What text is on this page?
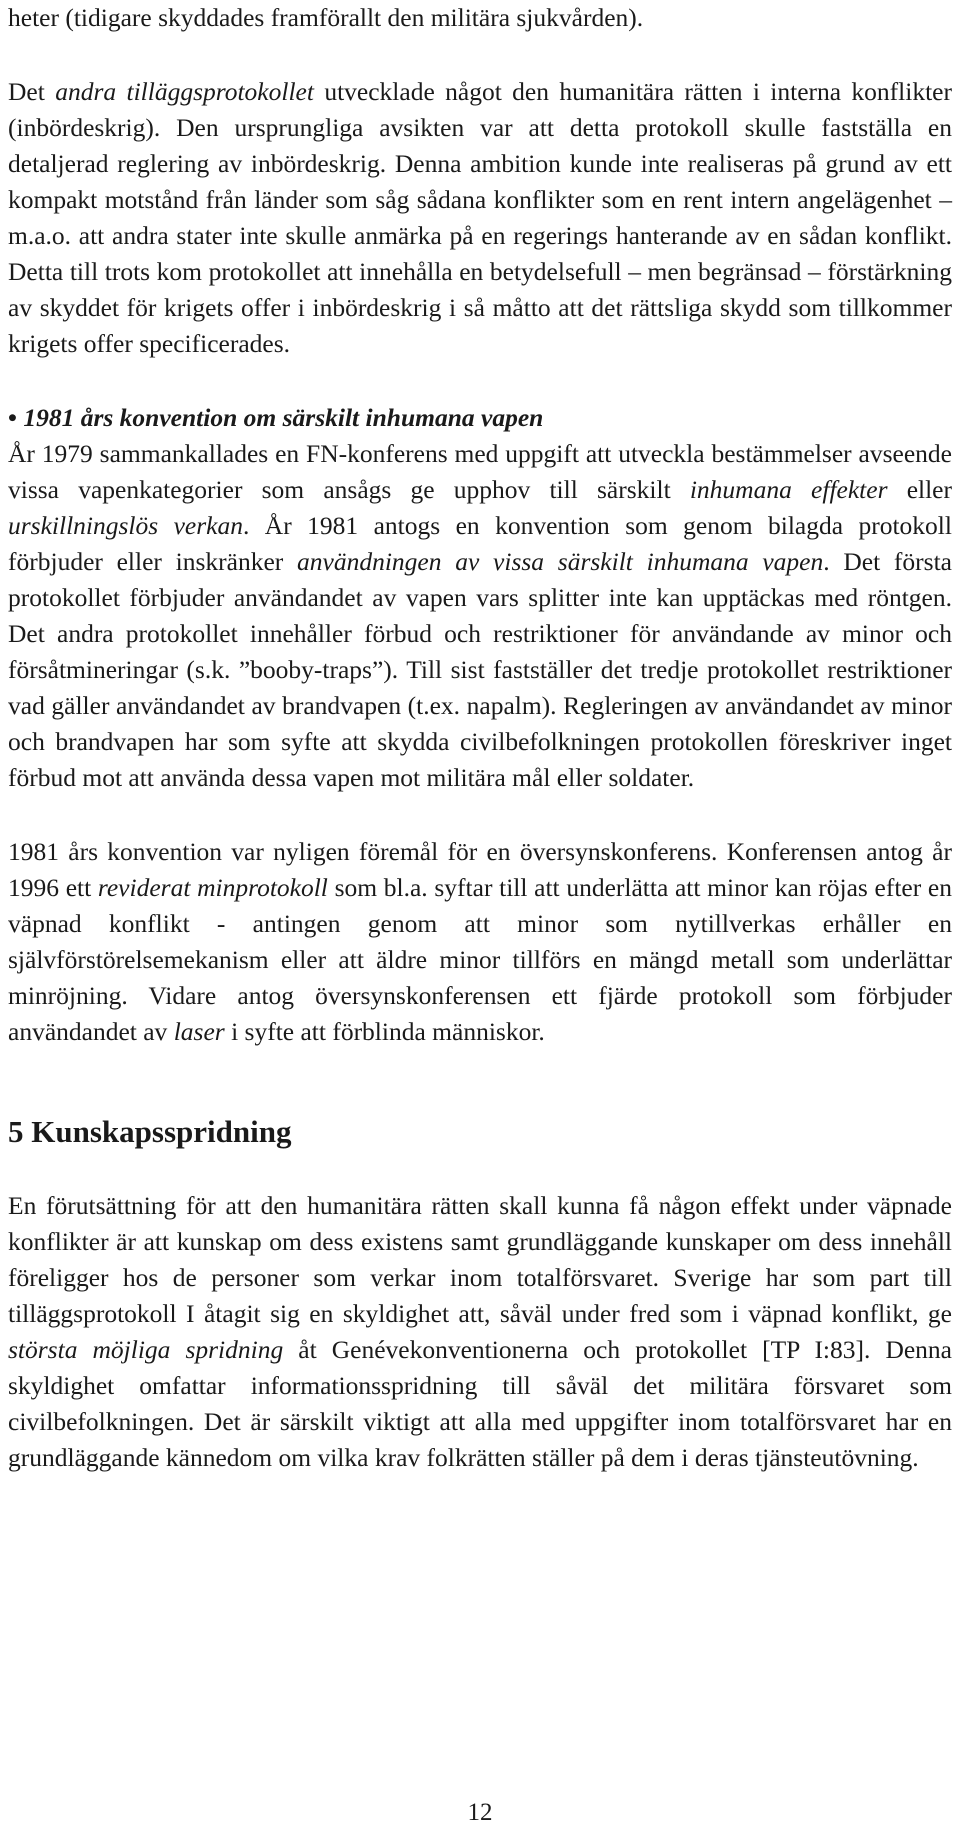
heter (tidigare skyddades framförallt den militära sjukvården).

Det andra tilläggsprotokollet utvecklade något den humanitära rätten i interna konflikter (inbördeskrig). Den ursprungliga avsikten var att detta protokoll skulle fastställa en detaljerad reglering av inbördeskrig. Denna ambition kunde inte realiseras på grund av ett kompakt motstånd från länder som såg sådana konflikter som en rent intern angelägenhet – m.a.o. att andra stater inte skulle anmärka på en regerings hanterande av en sådan konflikt. Detta till trots kom protokollet att innehålla en betydelsefull – men begränsad – förstärkning av skyddet för krigets offer i inbördeskrig i så måtto att det rättsliga skydd som tillkommer krigets offer specificerades.

• 1981 års konvention om särskilt inhumana vapen

År 1979 sammankallades en FN-konferens med uppgift att utveckla bestämmelser avseende vissa vapenkategorier som ansågs ge upphov till särskilt inhumana effekter eller urskillningslös verkan. År 1981 antogs en konvention som genom bilagda protokoll förbjuder eller inskränker användningen av vissa särskilt inhumana vapen. Det första protokollet förbjuder användandet av vapen vars splitter inte kan upptäckas med röntgen. Det andra protokollet innehåller förbud och restriktioner för användande av minor och försåtmineringar (s.k. ”booby-traps”). Till sist fastställer det tredje protokollet restriktioner vad gäller användandet av brandvapen (t.ex. napalm). Regleringen av användandet av minor och brandvapen har som syfte att skydda civilbefolkningen protokollen föreskriver inget förbud mot att använda dessa vapen mot militära mål eller soldater.

1981 års konvention var nyligen föremål för en översynskonferens. Konferensen antog år 1996 ett reviderat minprotokoll som bl.a. syftar till att underlätta att minor kan röjas efter en väpnad konflikt - antingen genom att minor som nytillverkas erhåller en självförstörelsemekanism eller att äldre minor tillförs en mängd metall som underlättar minröjning. Vidare antog översynskonferensen ett fjärde protokoll som förbjuder användandet av laser i syfte att förblinda människor.

5 Kunskapsspridning

En förutsättning för att den humanitära rätten skall kunna få någon effekt under väpnade konflikter är att kunskap om dess existens samt grundläggande kunskaper om dess innehåll föreligger hos de personer som verkar inom totalförsvaret. Sverige har som part till tilläggsprotokoll I åtagit sig en skyldighet att, såväl under fred som i väpnad konflikt, ge största möjliga spridning åt Genévekonventionerna och protokollet [TP I:83]. Denna skyldighet omfattar informationsspridning till såväl det militära försvaret som civilbefolkningen. Det är särskilt viktigt att alla med uppgifter inom totalförsvaret har en grundläggande kännedom om vilka krav folkrätten ställer på dem i deras tjänsteutövning.

12
